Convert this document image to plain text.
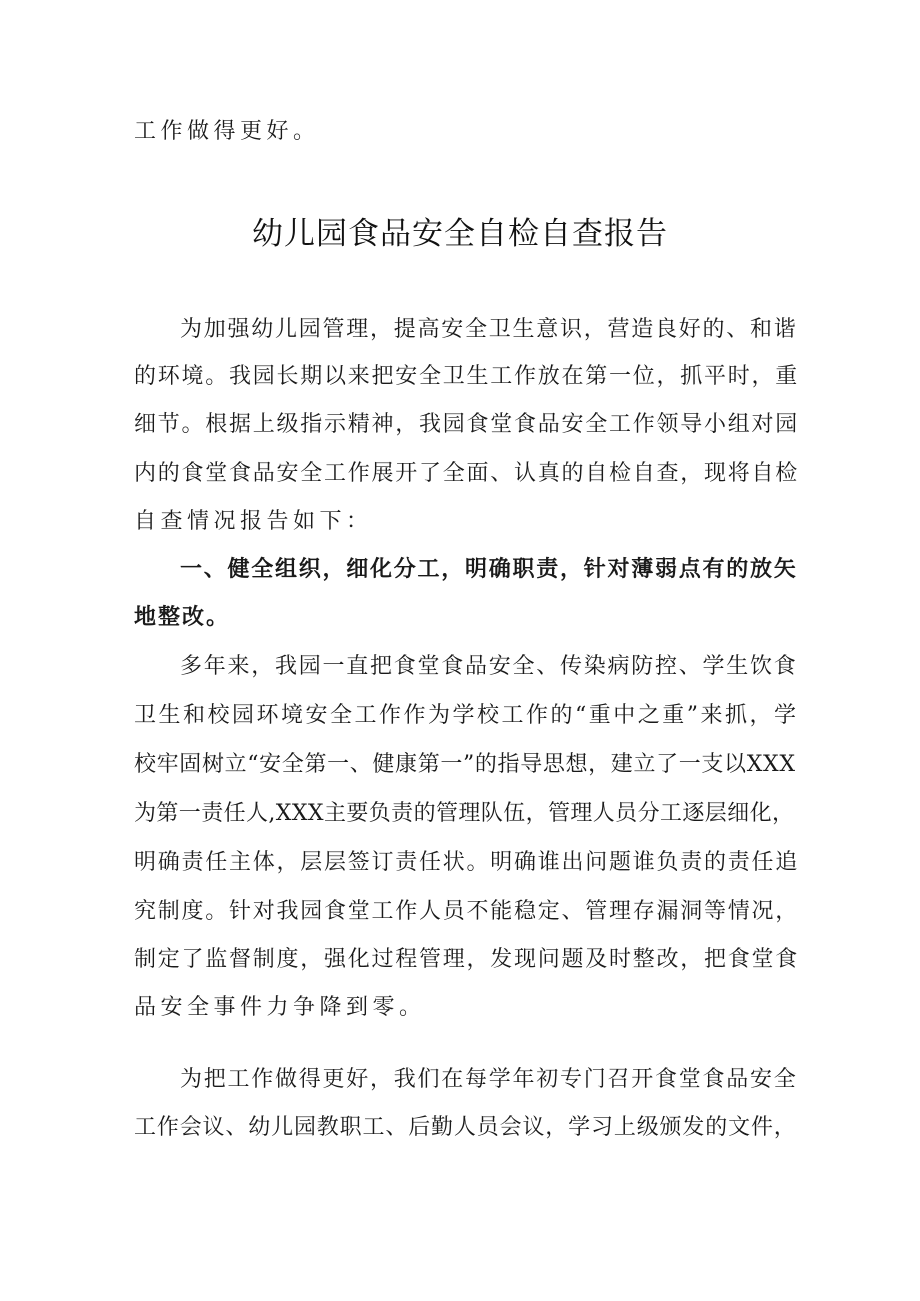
工作做得更好。
幼儿园食品安全自检自查报告
为加强幼儿园管理，提高安全卫生意识，营造良好的、和谐
的环境。我园长期以来把安全卫生工作放在第一位，抓平时，重
细节。根据上级指示精神，我园食堂食品安全工作领导小组对园
内的食堂食品安全工作展开了全面、认真的自检自查，现将自检
自查情况报告如下：
一、健全组织，细化分工，明确职责，针对薄弱点有的放矢
地整改。
多年来，我园一直把食堂食品安全、传染病防控、学生饮食
卫生和校园环境安全工作作为学校工作的“重中之重”来抓，学
校牢固树立“安全第一、健康第一”的指导思想，建立了一支以XXX
为第一责任人,XXX主要负责的管理队伍，管理人员分工逐层细化，
明确责任主体，层层签订责任状。明确谁出问题谁负责的责任追
究制度。针对我园食堂工作人员不能稳定、管理存漏洞等情况，
制定了监督制度，强化过程管理，发现问题及时整改，把食堂食
品安全事件力争降到零。
为把工作做得更好，我们在每学年初专门召开食堂食品安全
工作会议、幼儿园教职工、后勤人员会议，学习上级颁发的文件，
